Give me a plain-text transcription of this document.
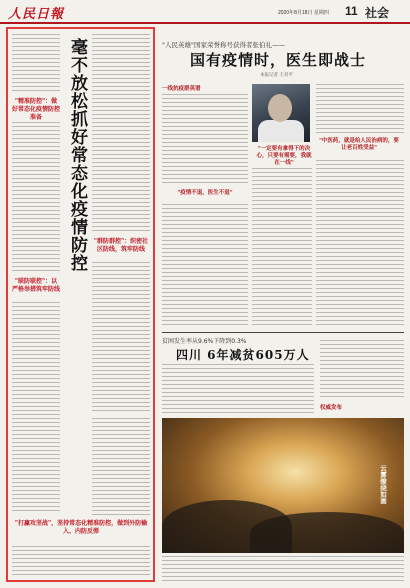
人民日報	2020年8月18日 星期四 11 社会
"精准防控"：做好常态化疫情防控准备	毫不放松抓好常态化疫情防控	"群防群控"：织密社区防线，筑牢防线
"联防联控"：以严格举措筑牢防线
"打赢攻坚战"，坚持常态化精准防控，做到外防输入、内防反弹
"人民英雄"国家荣誉称号获得者张伯礼——
国有疫情时，医生即战士
本报记者 王君平
一线抗疫群英谱
"一定要有拿得下的决心，只要有需要，我就在一线"
"中医药，就是给人民治病的，要让老百姓受益"
"疫情不退，医生不退"
贫困发生率从9.6%下降到0.3%
四川 6年减贫605万人
权威发布
云雾缭绕如画
